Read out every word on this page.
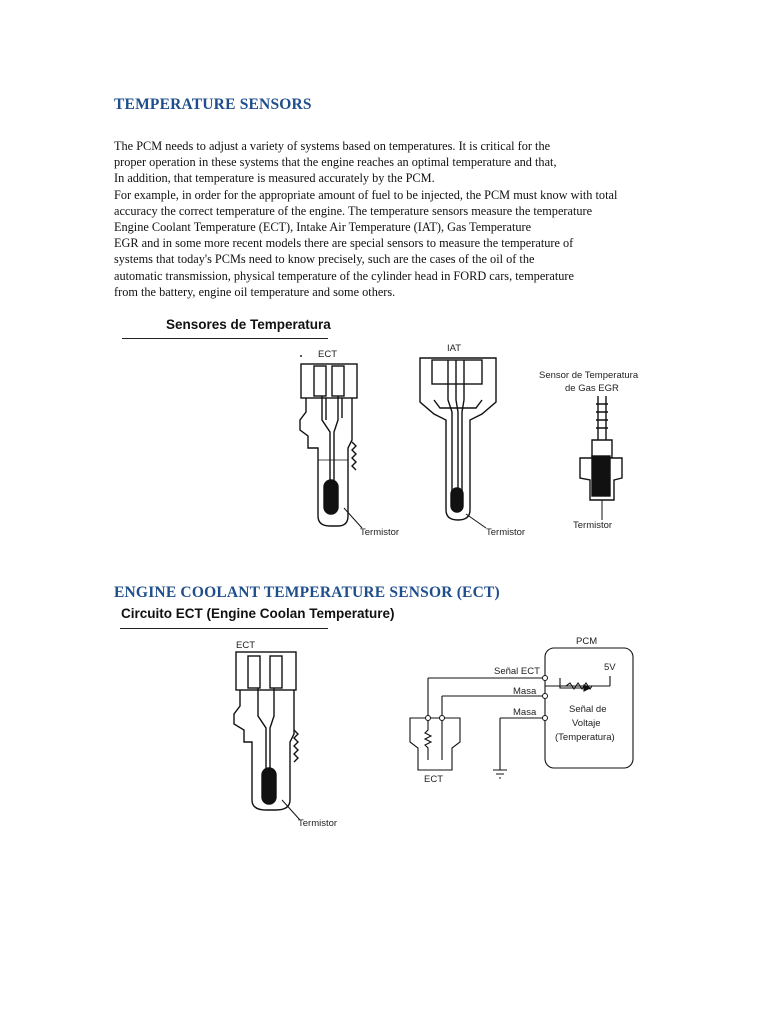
TEMPERATURE SENSORS
The PCM needs to adjust a variety of systems based on temperatures. It is critical for the
proper operation in these systems that the engine reaches an optimal temperature and that,
In addition, that temperature is measured accurately by the PCM.
For example, in order for the appropriate amount of fuel to be injected, the PCM must know with total
accuracy the correct temperature of the engine. The temperature sensors measure the temperature
Engine Coolant Temperature (ECT), Intake Air Temperature (IAT), Gas Temperature
EGR and in some more recent models there are special sensors to measure the temperature of
systems that today's PCMs need to know precisely, such are the cases of the oil of the
automatic transmission, physical temperature of the cylinder head in FORD cars, temperature
from the battery, engine oil temperature and some others.
Sensores de Temperatura
ECT
IAT
Sensor de Temperatura
de Gas EGR
Termistor	Termistor
Termistor
ENGINE COOLANT TEMPERATURE SENSOR (ECT)
Circuito ECT (Engine Coolan Temperature)
ECT
Termistor
PCM
Señal ECT
Masa
Masa
5V
Señal de
Voltaje
(Temperatura)
ECT
